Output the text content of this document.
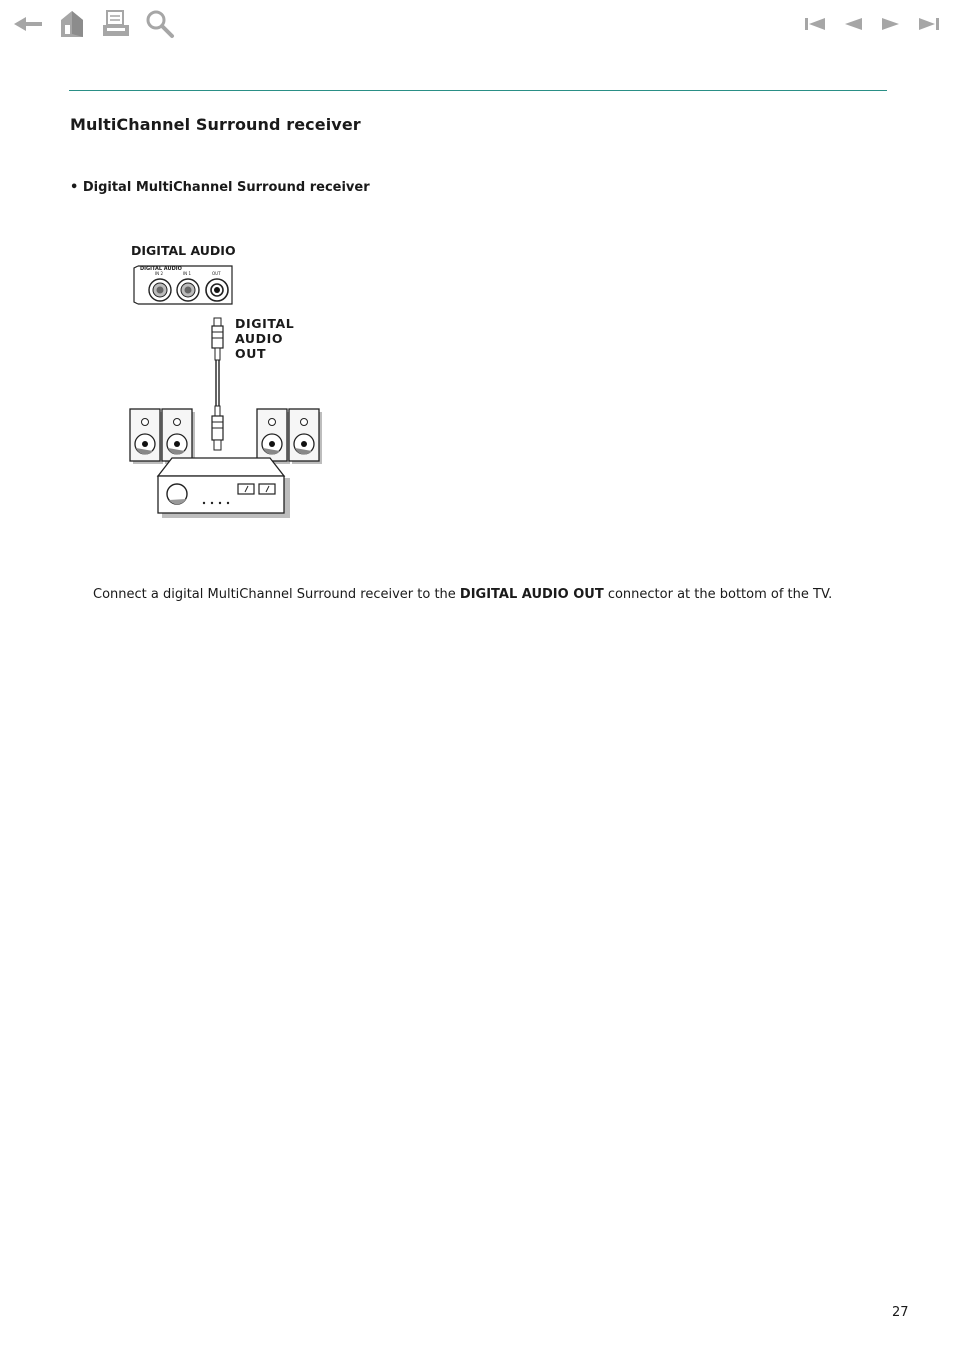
MultiChannel Surround receiver
• Digital MultiChannel Surround receiver
DIGITAL AUDIO
DIGITAL
AUDIO
OUT
DIGITAL AUDIO
IN 2	IN 1	OUT
Connect a digital MultiChannel Surround receiver to the DIGITAL AUDIO OUT connector at the bottom of the TV.
27
